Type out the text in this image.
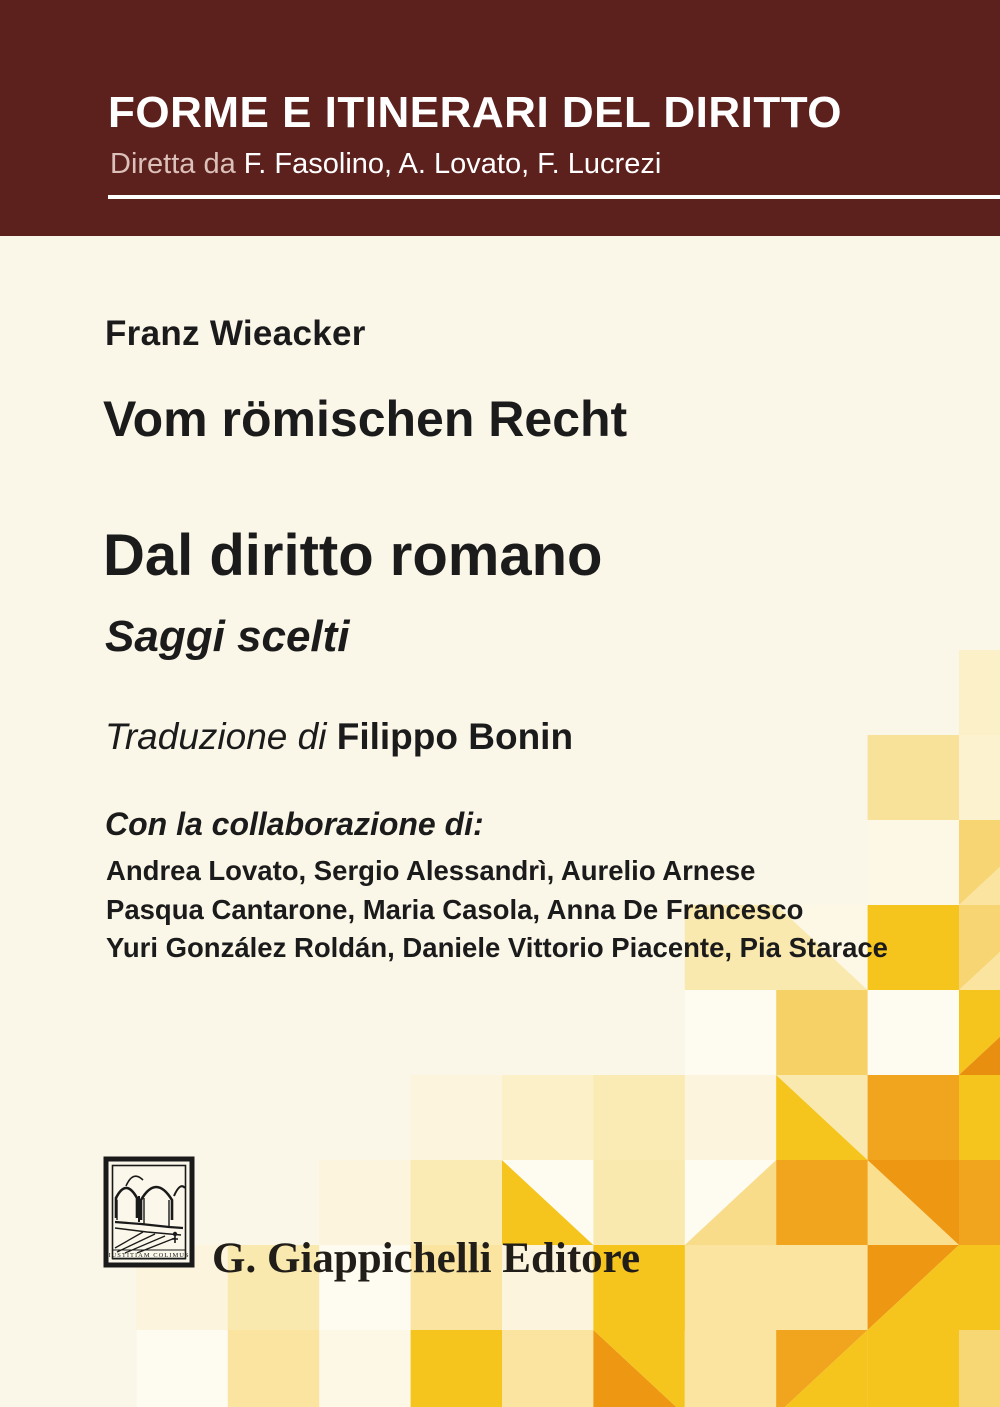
FORME E ITINERARI DEL DIRITTO
Diretta da F. Fasolino, A. Lovato, F. Lucrezi

Franz Wieacker

Vom römischen Recht

Dal diritto romano

Saggi scelti

Traduzione di Filippo Bonin

Con la collaborazione di:

Andrea Lovato, Sergio Alessandrì, Aurelio Arnese
Pasqua Cantarone, Maria Casola, Anna De Francesco
Yuri González Roldán, Daniele Vittorio Piacente, Pia Starace
IUSTITIAM COLIMUS G. Giappichelli Editore
